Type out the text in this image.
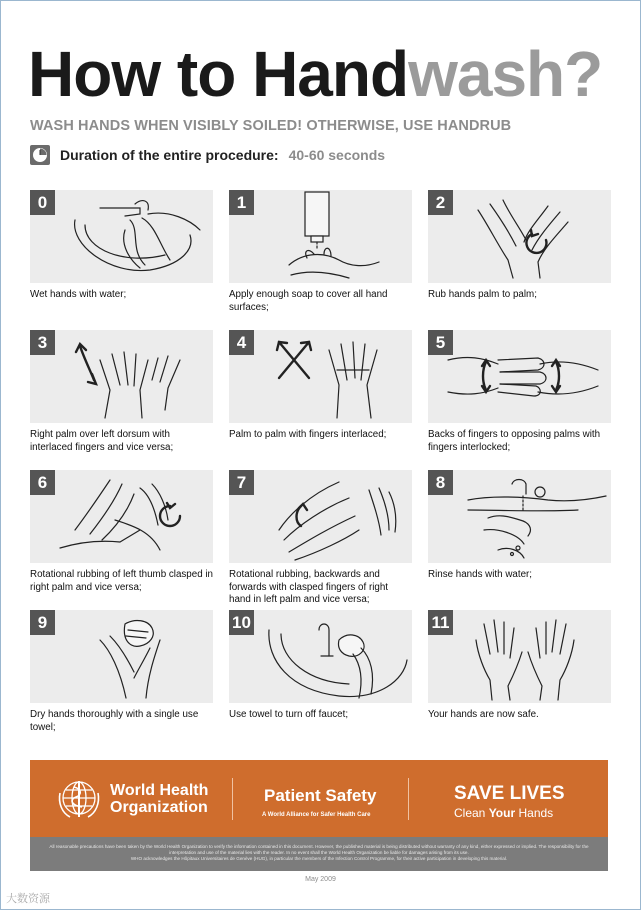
How to Handwash?
WASH HANDS WHEN VISIBLY SOILED! OTHERWISE, USE HANDRUB
Duration of the entire procedure: 40-60 seconds
0
Wet hands with water;
1
Apply enough soap to cover all hand surfaces;
2
Rub hands palm to palm;
3
Right palm over left dorsum with interlaced fingers and vice versa;
4
Palm to palm with fingers interlaced;
5
Backs of fingers to opposing palms with fingers interlocked;
6
Rotational rubbing of left thumb clasped in right palm and vice versa;
7
Rotational rubbing, backwards and forwards with clasped fingers of right hand in left palm and vice versa;
8
Rinse hands with water;
9
Dry hands thoroughly with a single use towel;
10
Use towel to turn off faucet;
11
Your hands are now safe.
World Health
Organization
Patient Safety
A World Alliance for Safer Health Care
SAVE LIVES
Clean Your Hands
All reasonable precautions have been taken by the World Health Organization to verify the information contained in this document. However, the published material is being distributed without warranty of any kind, either expressed or implied. The responsibility for the interpretation and use of the material lies with the reader. In no event shall the World Health Organization be liable for damages arising from its use.
WHO acknowledges the Hôpitaux Universitaires de Genève (HUG), in particular the members of the Infection Control Programme, for their active participation in developing this material.
May 2009
大数资源
